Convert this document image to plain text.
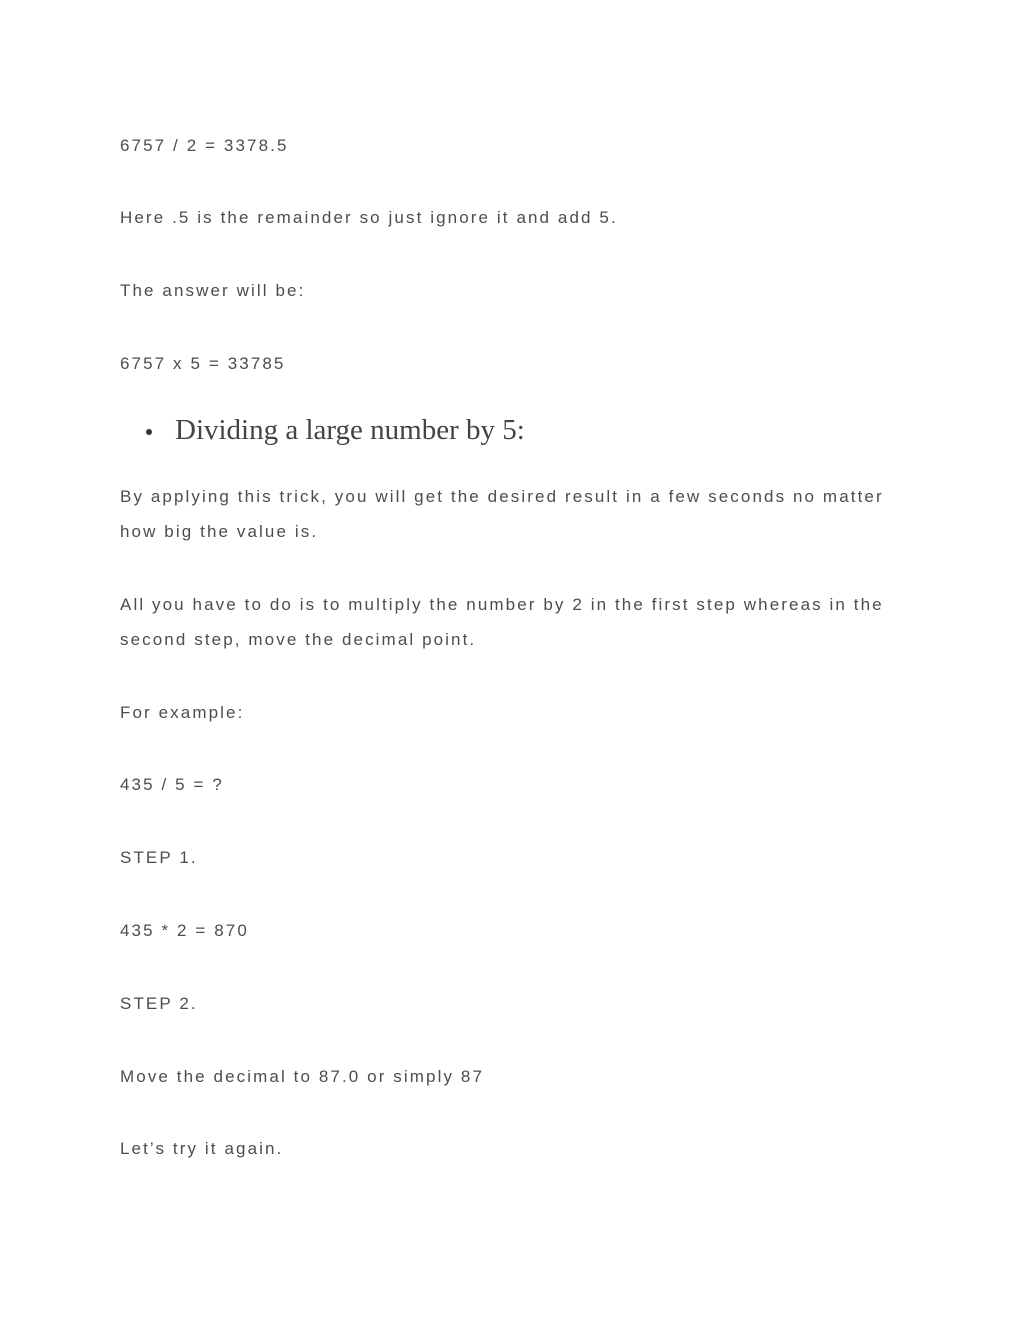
6757 / 2 = 3378.5

Here .5 is the remainder so just ignore it and add 5.

The answer will be:

6757 x 5 = 33785

Dividing a large number by 5:

By applying this trick, you will get the desired result in a few seconds no matter how big the value is.

All you have to do is to multiply the number by 2 in the first step whereas in the second step, move the decimal point.

For example:

435 / 5 = ?

STEP 1.

435 * 2 = 870

STEP 2.

Move the decimal to 87.0 or simply 87

Let’s try it again.
